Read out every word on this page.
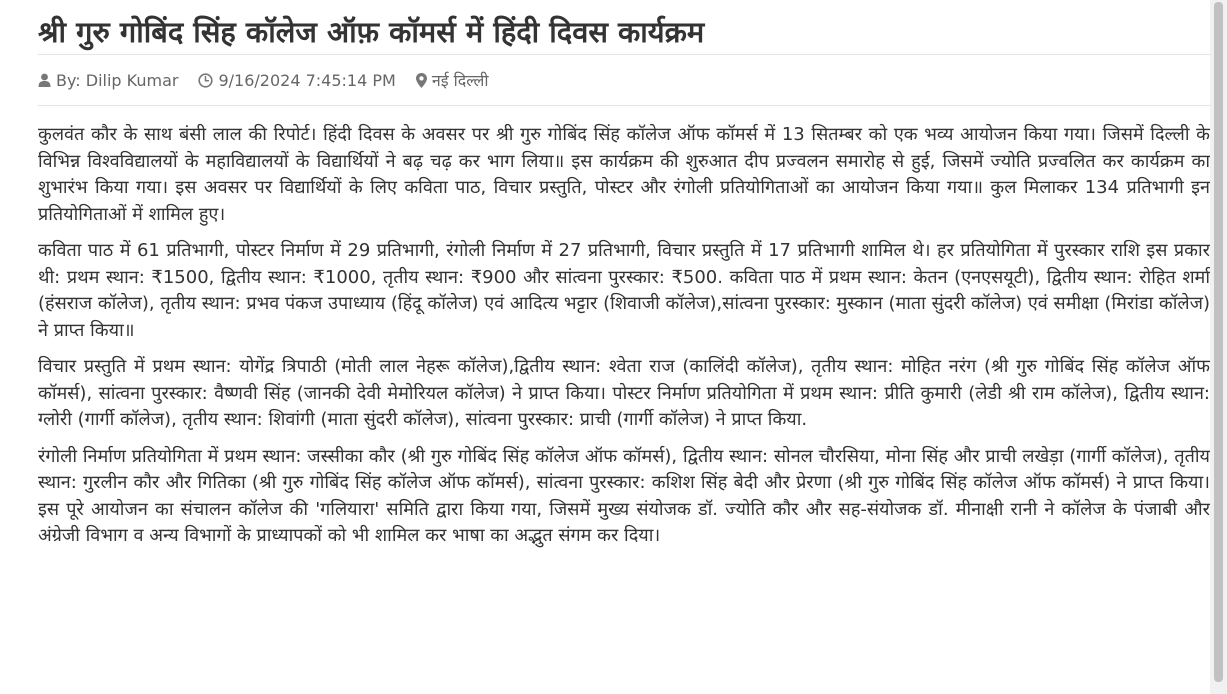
श्री गुरु गोबिंद सिंह कॉलेज ऑफ़ कॉमर्स में हिंदी दिवस कार्यक्रम
By: Dilip Kumar	9/16/2024 7:45:14 PM नई दिल्ली

कुलवंत कौर के साथ बंसी लाल की रिपोर्ट। हिंदी दिवस के अवसर पर श्री गुरु गोबिंद सिंह कॉलेज ऑफ कॉमर्स में 13 सितम्बर को एक भव्य आयोजन किया गया। जिसमें दिल्ली के विभिन्न विश्वविद्यालयों के महाविद्यालयों के विद्यार्थियों ने बढ़ चढ़ कर भाग लिया॥ इस कार्यक्रम की शुरुआत दीप प्रज्वलन समारोह से हुई, जिसमें ज्योति प्रज्वलित कर कार्यक्रम का शुभारंभ किया गया। इस अवसर पर विद्यार्थियों के लिए कविता पाठ, विचार प्रस्तुति, पोस्टर और रंगोली प्रतियोगिताओं का आयोजन किया गया॥ कुल मिलाकर 134 प्रतिभागी इन प्रतियोगिताओं में शामिल हुए।

कविता पाठ में 61 प्रतिभागी, पोस्टर निर्माण में 29 प्रतिभागी, रंगोली निर्माण में 27 प्रतिभागी, विचार प्रस्तुति में 17 प्रतिभागी शामिल थे। हर प्रतियोगिता में पुरस्कार राशि इस प्रकार थी: प्रथम स्थान: ₹1500, द्वितीय स्थान: ₹1000, तृतीय स्थान: ₹900 और सांत्वना पुरस्कार: ₹500. कविता पाठ में प्रथम स्थान: केतन (एनएसयूटी), द्वितीय स्थान: रोहित शर्मा (हंसराज कॉलेज), तृतीय स्थान: प्रभव पंकज उपाध्याय (हिंदू कॉलेज) एवं आदित्य भट्टार (शिवाजी कॉलेज),सांत्वना पुरस्कार: मुस्कान (माता सुंदरी कॉलेज) एवं समीक्षा (मिरांडा कॉलेज) ने प्राप्त किया॥

विचार प्रस्तुति में प्रथम स्थान: योगेंद्र त्रिपाठी (मोती लाल नेहरू कॉलेज),द्वितीय स्थान: श्वेता राज (कालिंदी कॉलेज), तृतीय स्थान: मोहित नरंग (श्री गुरु गोबिंद सिंह कॉलेज ऑफ कॉमर्स), सांत्वना पुरस्कार: वैष्णवी सिंह (जानकी देवी मेमोरियल कॉलेज) ने प्राप्त किया। पोस्टर निर्माण प्रतियोगिता में प्रथम स्थान: प्रीति कुमारी (लेडी श्री राम कॉलेज), द्वितीय स्थान: ग्लोरी (गार्गी कॉलेज), तृतीय स्थान: शिवांगी (माता सुंदरी कॉलेज), सांत्वना पुरस्कार: प्राची (गार्गी कॉलेज) ने प्राप्त किया.

रंगोली निर्माण प्रतियोगिता में प्रथम स्थान: जस्सीका कौर (श्री गुरु गोबिंद सिंह कॉलेज ऑफ कॉमर्स), द्वितीय स्थान: सोनल चौरसिया, मोना सिंह और प्राची लखेड़ा (गार्गी कॉलेज), तृतीय स्थान: गुरलीन कौर और गितिका (श्री गुरु गोबिंद सिंह कॉलेज ऑफ कॉमर्स), सांत्वना पुरस्कार: कशिश सिंह बेदी और प्रेरणा (श्री गुरु गोबिंद सिंह कॉलेज ऑफ कॉमर्स) ने प्राप्त किया। इस पूरे आयोजन का संचालन कॉलेज की 'गलियारा' समिति द्वारा किया गया, जिसमें मुख्य संयोजक डॉ. ज्योति कौर और सह-संयोजक डॉ. मीनाक्षी रानी ने कॉलेज के पंजाबी और अंग्रेजी विभाग व अन्य विभागों के प्राध्यापकों को भी शामिल कर भाषा का अद्भुत संगम कर दिया।
